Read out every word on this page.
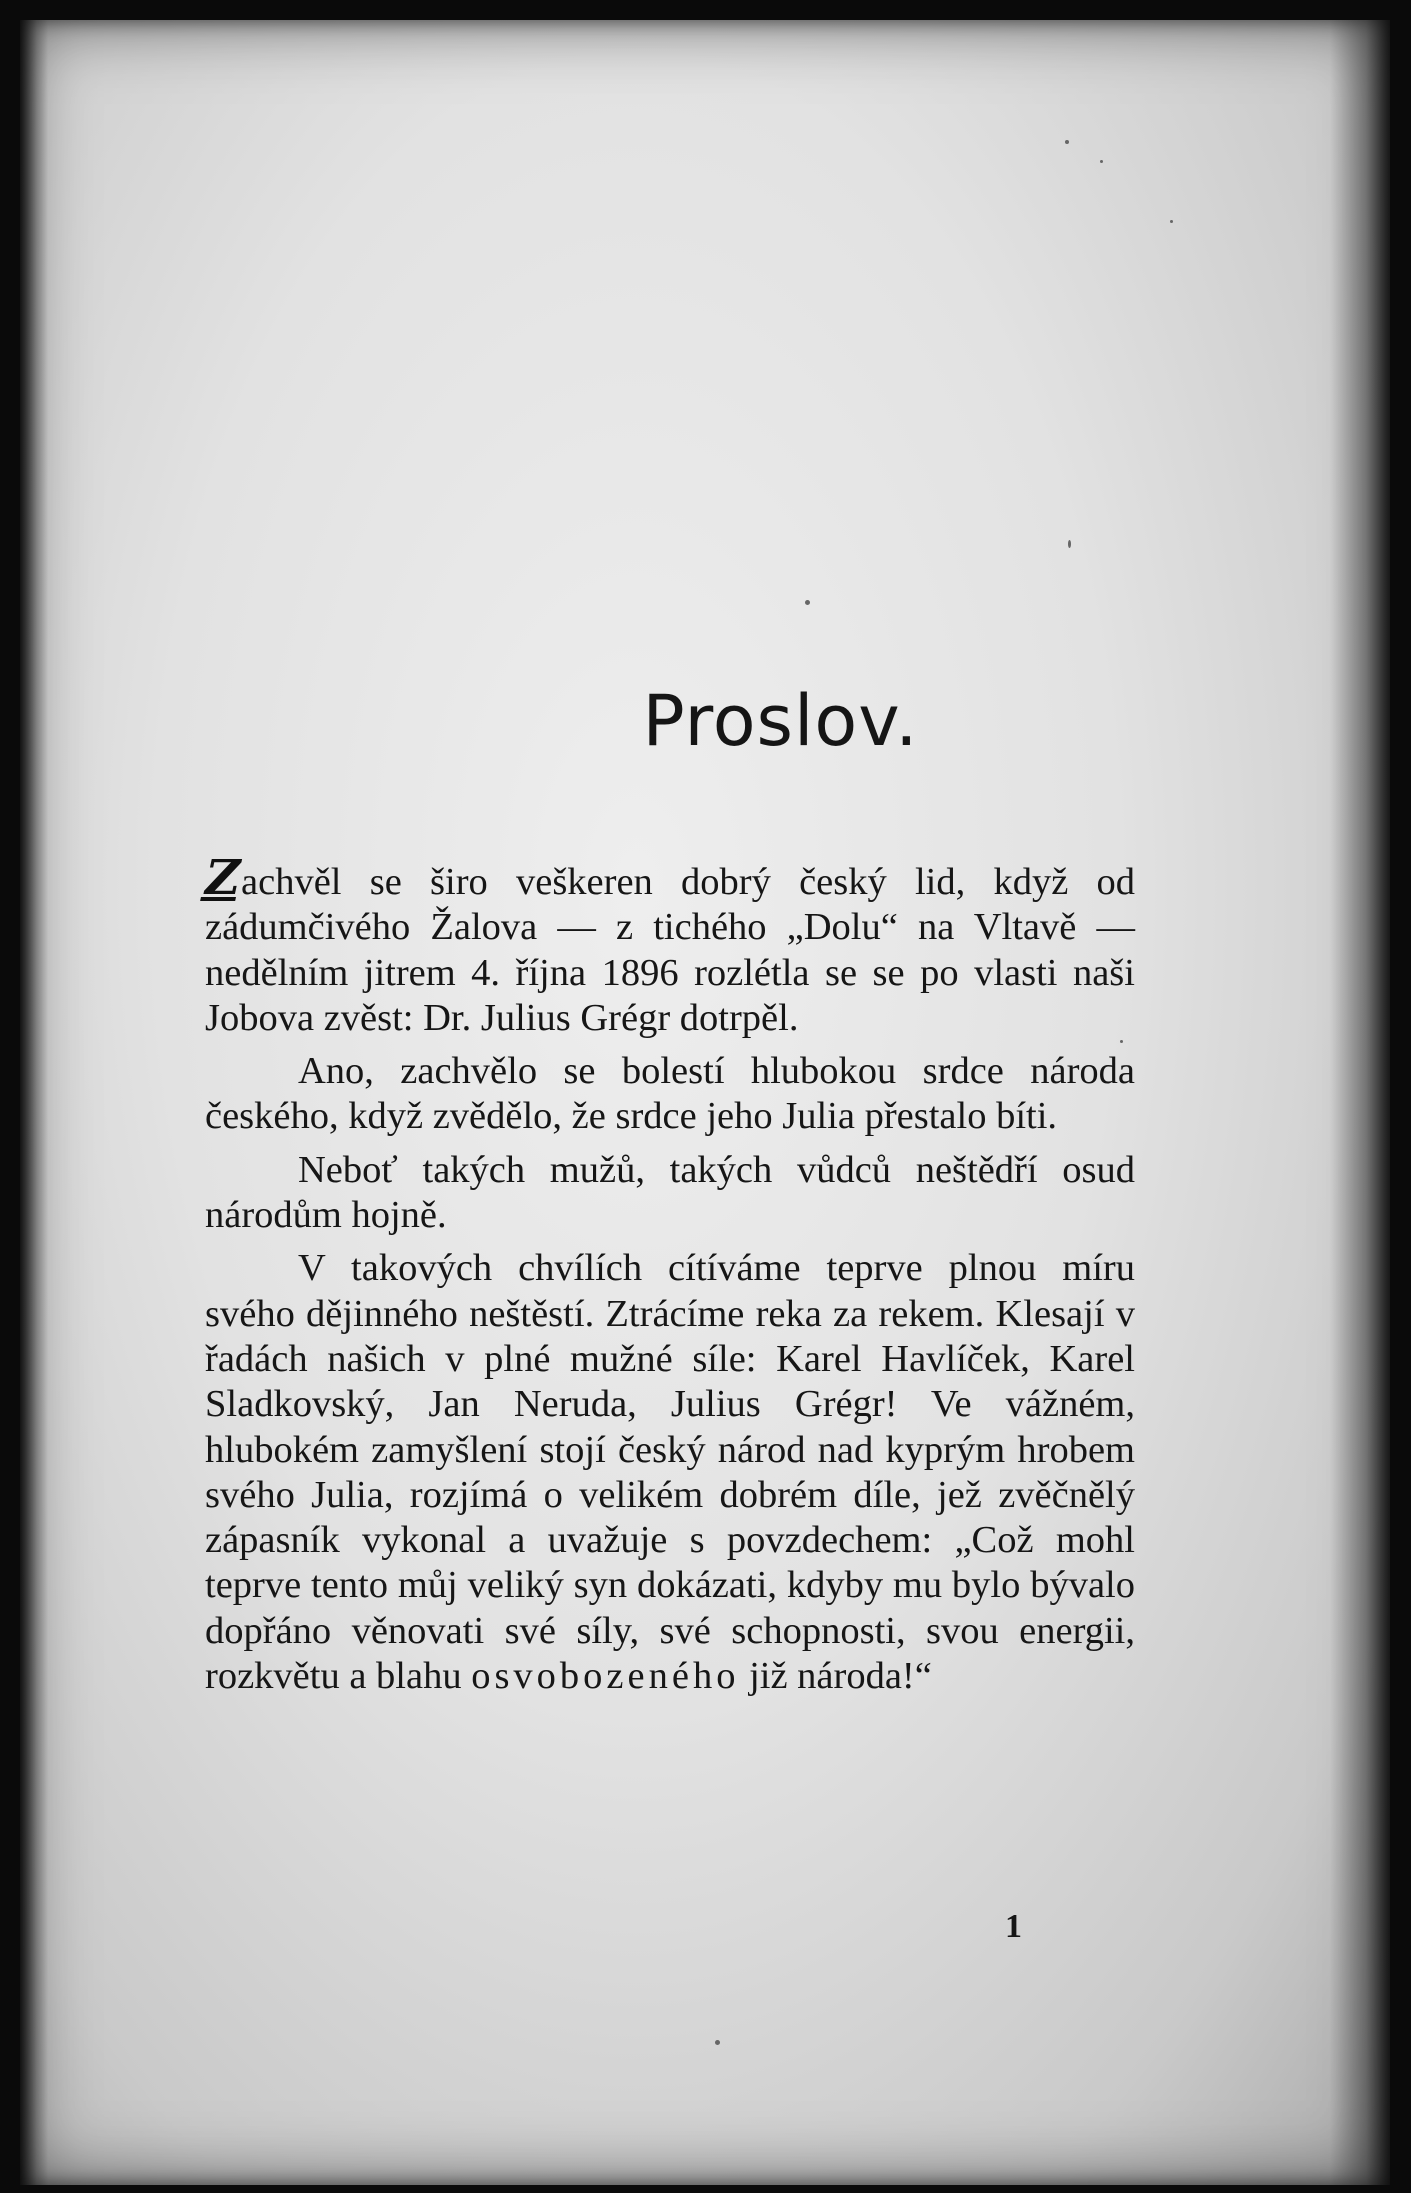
Proslov.

Zachvěl se širo veškeren dobrý český lid, když od zádumčivého Žalova — z tichého „Dolu“ na Vltavě — nedělním jitrem 4. října 1896 rozlétla se se po vlasti naši Jobova zvěst: Dr. Julius Grégr dotrpěl.

Ano, zachvělo se bolestí hlubokou srdce národa českého, když zvědělo, že srdce jeho Julia přestalo bíti.

Neboť takých mužů, takých vůdců neštědří osud národům hojně.

V takových chvílích cítíváme teprve plnou míru svého dějinného neštěstí. Ztrácíme reka za rekem. Klesají v řadách našich v plné mužné síle: Karel Havlíček, Karel Sladkovský, Jan Neruda, Julius Grégr! Ve vážném, hlubokém zamyšlení stojí český národ nad kyprým hrobem svého Julia, rozjímá o velikém dobrém díle, jež zvěčnělý zápasník vykonal a uvažuje s povzdechem: „Což mohl teprve tento můj veliký syn dokázati, kdyby mu bylo bývalo dopřáno věnovati své síly, své schopnosti, svou energii, rozkvětu a blahu osvobozeného již národa!“

1
